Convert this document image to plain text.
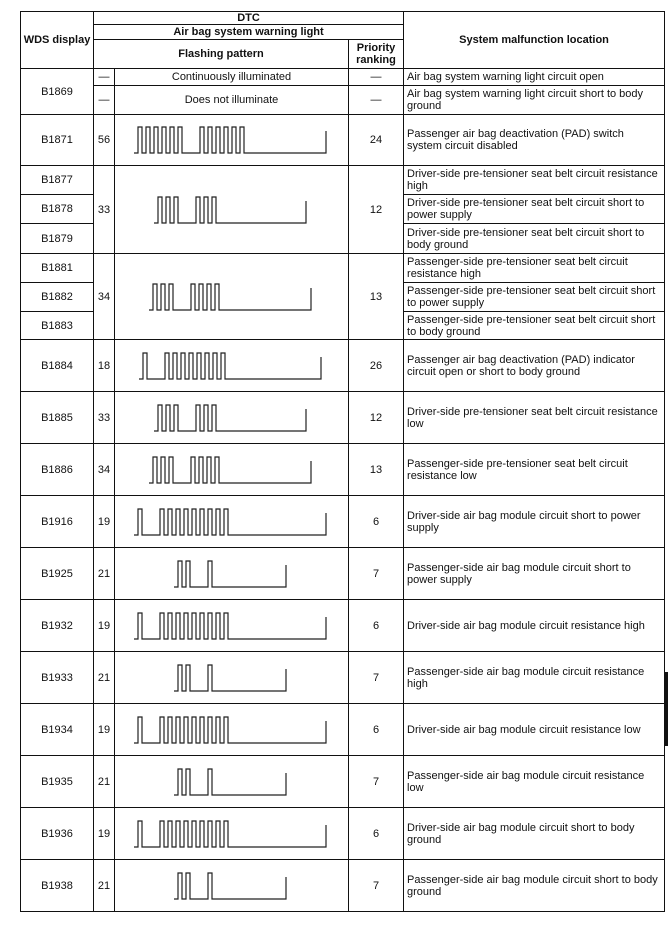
WDS display	DTC			System malfunction location
	Air bag system warning light			
	Flashing pattern		Priority ranking	
B1869	—	Continuously illuminated	—	Air bag system warning light circuit open
	—	Does not illuminate	—	Air bag system warning light circuit short to body ground
B1871	56		24	Passenger air bag deactivation (PAD) switch system circuit disabled
B1877	33		12	Driver-side pre-tensioner seat belt circuit resistance high
B1878				Driver-side pre-tensioner seat belt circuit short to power supply
B1879				Driver-side pre-tensioner seat belt circuit short to body ground
B1881	34		13	Passenger-side pre-tensioner seat belt circuit resistance high
B1882				Passenger-side pre-tensioner seat belt circuit short to power supply
B1883				Passenger-side pre-tensioner seat belt circuit short to body ground
B1884	18		26	Passenger air bag deactivation (PAD) indicator circuit open or short to body ground
B1885	33		12	Driver-side pre-tensioner seat belt circuit resistance low
B1886	34		13	Passenger-side pre-tensioner seat belt circuit resistance low
B1916	19		6	Driver-side air bag module circuit short to power supply
B1925	21		7	Passenger-side air bag module circuit short to power supply
B1932	19		6	Driver-side air bag module circuit resistance high
B1933	21		7	Passenger-side air bag module circuit resistance high
B1934	19		6	Driver-side air bag module circuit resistance low
B1935	21		7	Passenger-side air bag module circuit resistance low
B1936	19		6	Driver-side air bag module circuit short to body ground
B1938	21		7	Passenger-side air bag module circuit short to body ground
